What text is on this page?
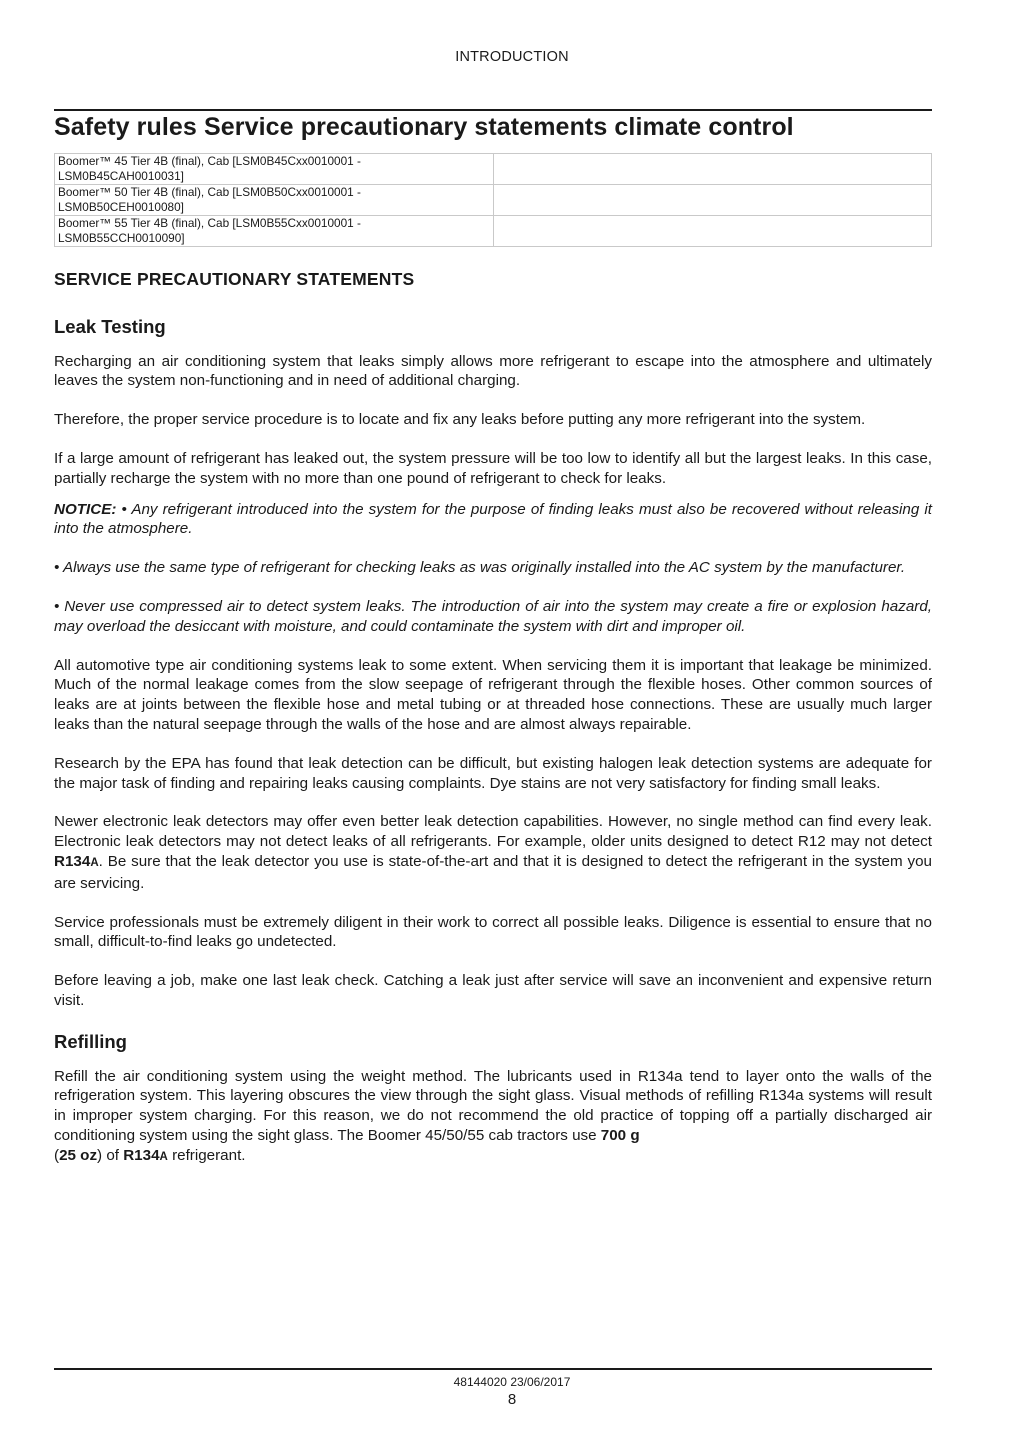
INTRODUCTION
Safety rules Service precautionary statements climate control
Boomer™ 45 Tier 4B (final), Cab [LSM0B45Cxx0010001 -
LSM0B45CAH0010031]	

Boomer™ 50 Tier 4B (final), Cab [LSM0B50Cxx0010001 -
LSM0B50CEH0010080]	

Boomer™ 55 Tier 4B (final), Cab [LSM0B55Cxx0010001 -
LSM0B55CCH0010090]	

SERVICE PRECAUTIONARY STATEMENTS
Leak Testing

Recharging an air conditioning system that leaks simply allows more refrigerant to escape into the atmosphere and ultimately leaves the system non-functioning and in need of additional charging.

Therefore, the proper service procedure is to locate and fix any leaks before putting any more refrigerant into the system.

If a large amount of refrigerant has leaked out, the system pressure will be too low to identify all but the largest leaks. In this case, partially recharge the system with no more than one pound of refrigerant to check for leaks.

NOTICE: • Any refrigerant introduced into the system for the purpose of finding leaks must also be recovered without releasing it into the atmosphere.

• Always use the same type of refrigerant for checking leaks as was originally installed into the AC system by the manufacturer.

• Never use compressed air to detect system leaks. The introduction of air into the system may create a fire or explosion hazard, may overload the desiccant with moisture, and could contaminate the system with dirt and improper oil.

All automotive type air conditioning systems leak to some extent. When servicing them it is important that leakage be minimized. Much of the normal leakage comes from the slow seepage of refrigerant through the flexible hoses. Other common sources of leaks are at joints between the flexible hose and metal tubing or at threaded hose connections. These are usually much larger leaks than the natural seepage through the walls of the hose and are almost always repairable.

Research by the EPA has found that leak detection can be difficult, but existing halogen leak detection systems are adequate for the major task of finding and repairing leaks causing complaints. Dye stains are not very satisfactory for finding small leaks.

Newer electronic leak detectors may offer even better leak detection capabilities. However, no single method can find every leak. Electronic leak detectors may not detect leaks of all refrigerants. For example, older units designed to detect R12 may not detect R134A. Be sure that the leak detector you use is state-of-the-art and that it is designed to detect the refrigerant in the system you are servicing.

Service professionals must be extremely diligent in their work to correct all possible leaks. Diligence is essential to ensure that no small, difficult-to-find leaks go undetected.

Before leaving a job, make one last leak check. Catching a leak just after service will save an inconvenient and expensive return visit.

Refilling

Refill the air conditioning system using the weight method. The lubricants used in R134a tend to layer onto the walls of the refrigeration system. This layering obscures the view through the sight glass. Visual methods of refilling R134a systems will result in improper system charging. For this reason, we do not recommend the old practice of topping off a partially discharged air conditioning system using the sight glass. The Boomer 45/50/55 cab tractors use 700 g
(25 oz) of R134A refrigerant.

48144020 23/06/2017
8
